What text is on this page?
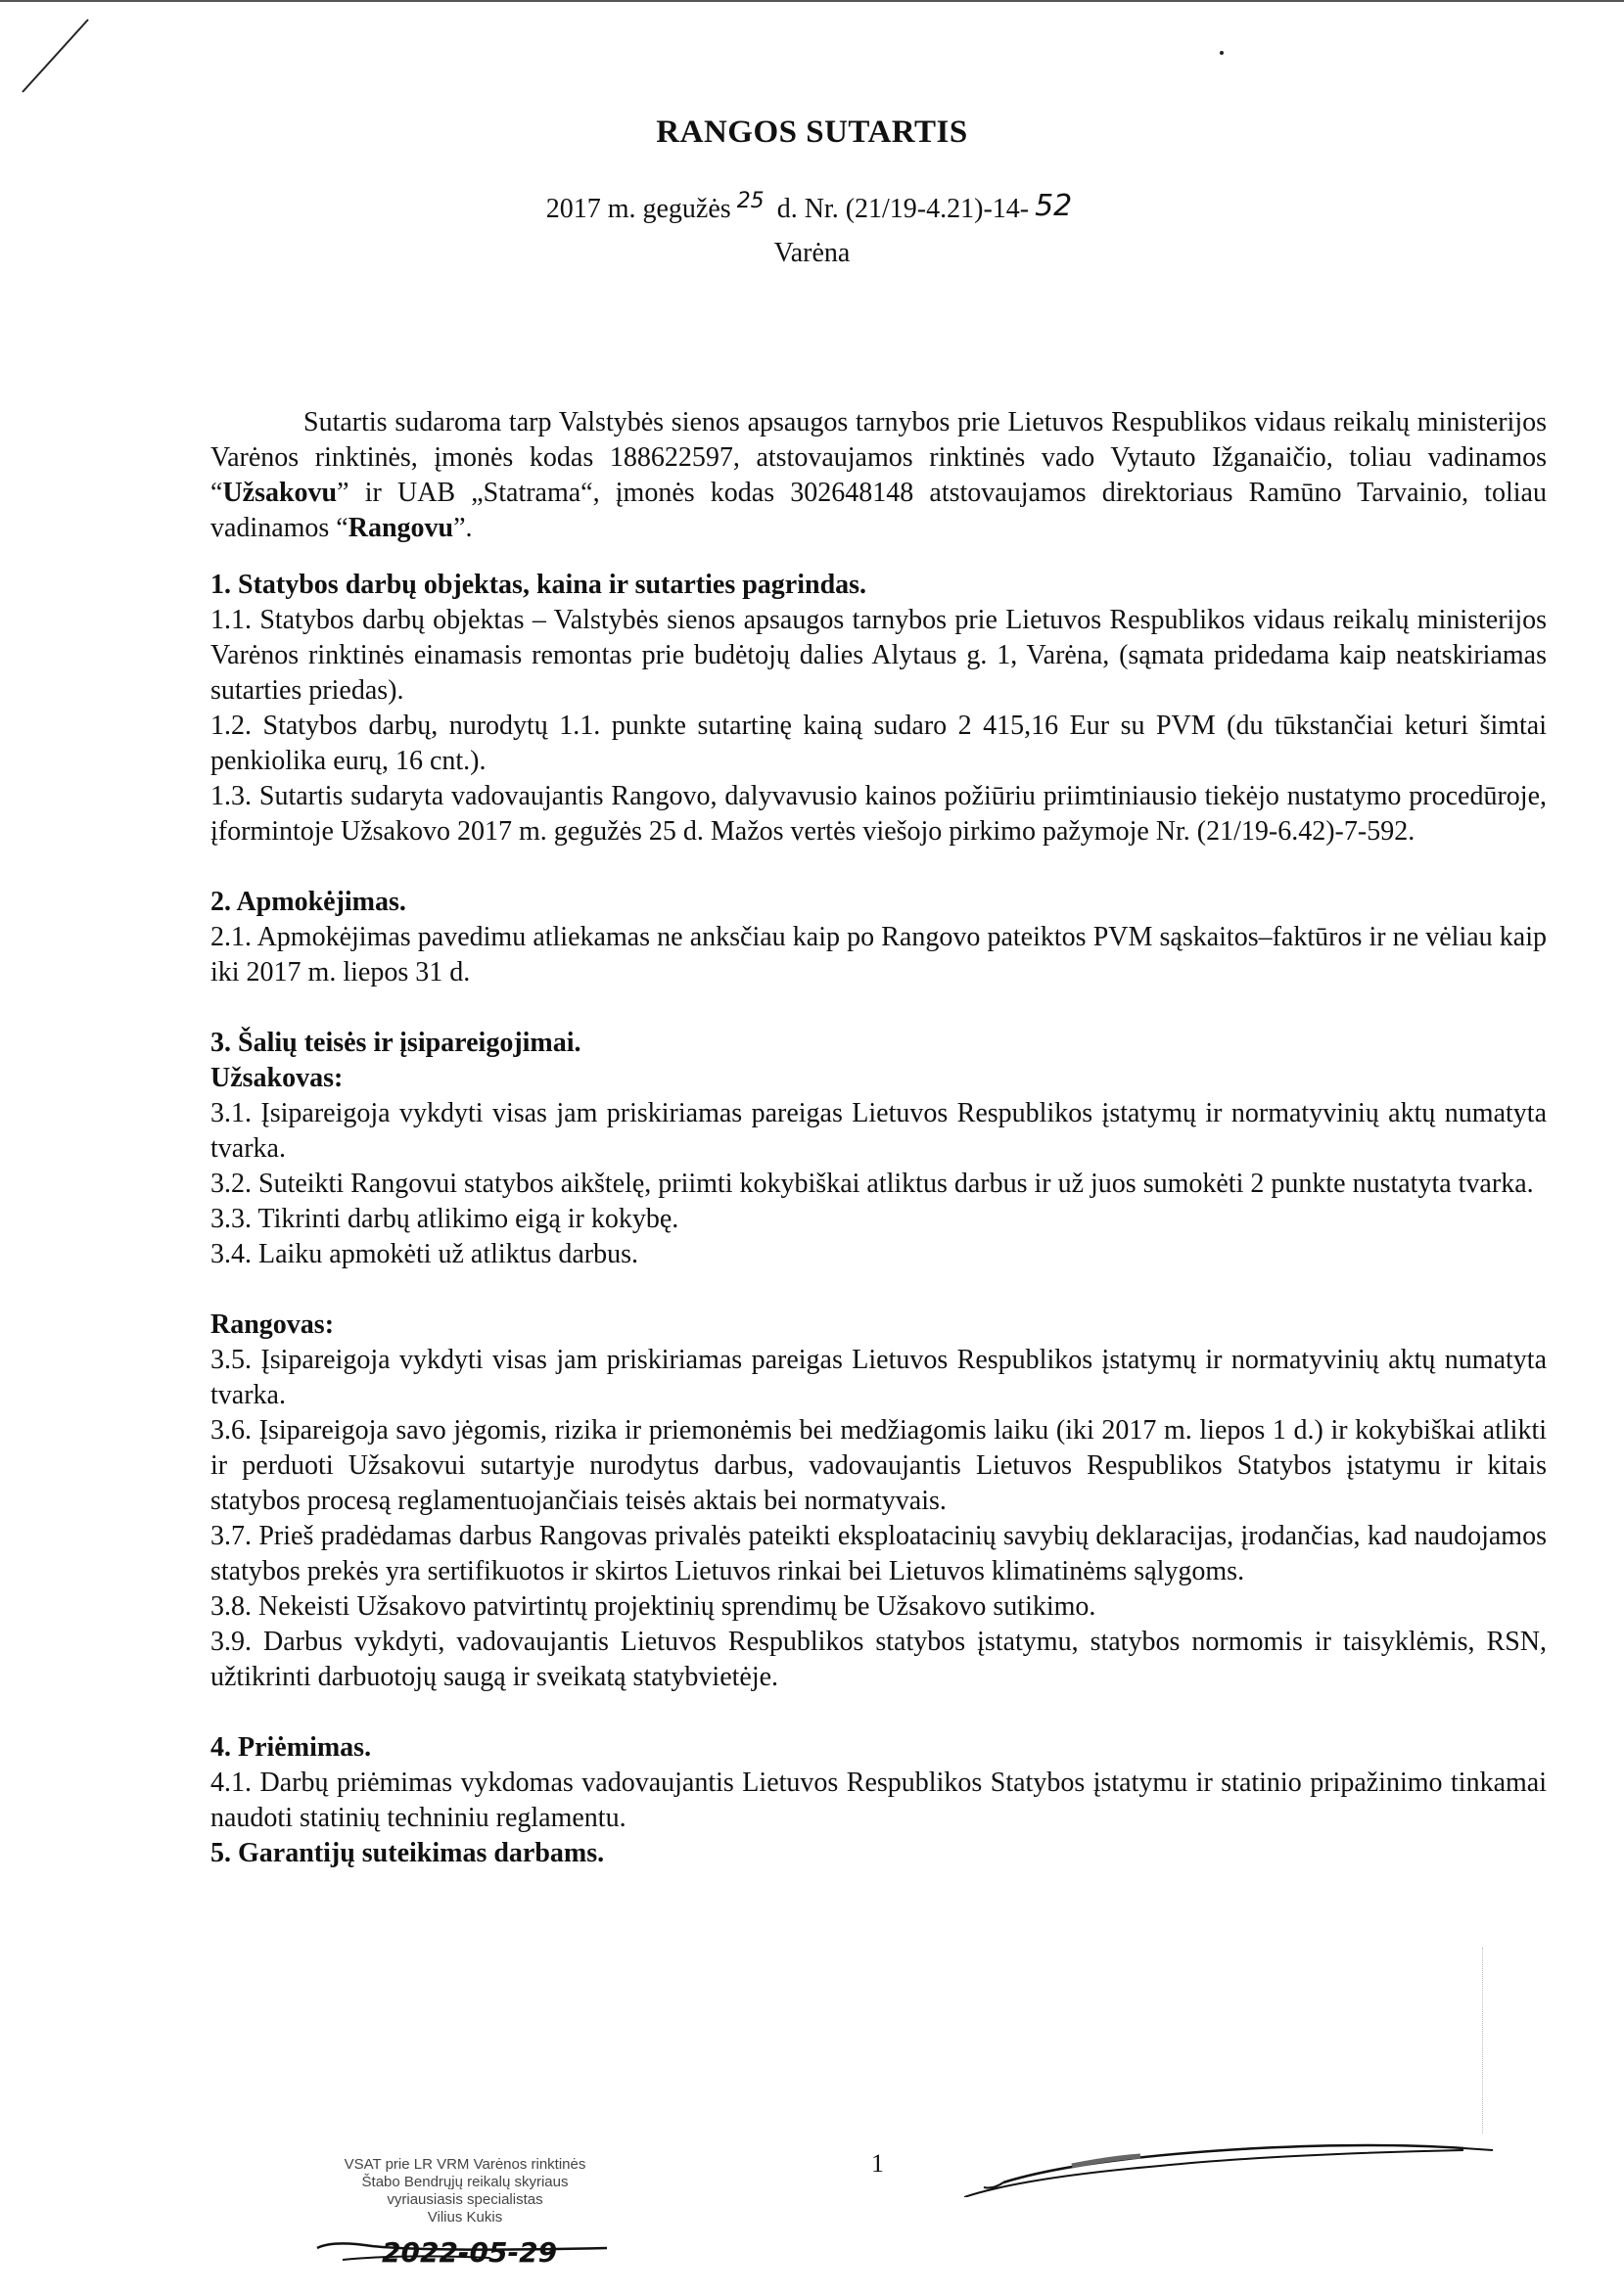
RANGOS SUTARTIS
2017 m. gegužės $^{25}$ d. Nr. (21/19-4.21)-14- 52
Varėna

Sutartis sudaroma tarp Valstybės sienos apsaugos tarnybos prie Lietuvos Respublikos vidaus reikalų ministerijos Varėnos rinktinės, įmonės kodas 188622597, atstovaujamos rinktinės vado Vytauto Ižganaičio, toliau vadinamos “Užsakovu” ir UAB „Statrama“, įmonės kodas 302648148 atstovaujamos direktoriaus Ramūno Tarvainio, toliau vadinamos “Rangovu”.

1. Statybos darbų objektas, kaina ir sutarties pagrindas.

1.1. Statybos darbų objektas – Valstybės sienos apsaugos tarnybos prie Lietuvos Respublikos vidaus reikalų ministerijos Varėnos rinktinės einamasis remontas prie budėtojų dalies Alytaus g. 1, Varėna, (sąmata pridedama kaip neatskiriamas sutarties priedas).

1.2. Statybos darbų, nurodytų 1.1. punkte sutartinę kainą sudaro 2 415,16 Eur su PVM (du tūkstančiai keturi šimtai penkiolika eurų, 16 cnt.).

1.3. Sutartis sudaryta vadovaujantis Rangovo, dalyvavusio kainos požiūriu priimtiniausio tiekėjo nustatymo procedūroje, įformintoje Užsakovo 2017 m. gegužės 25 d. Mažos vertės viešojo pirkimo pažymoje Nr. (21/19-6.42)-7-592.

2. Apmokėjimas.

2.1. Apmokėjimas pavedimu atliekamas ne anksčiau kaip po Rangovo pateiktos PVM sąskaitos–faktūros ir ne vėliau kaip iki 2017 m. liepos 31 d.

3. Šalių teisės ir įsipareigojimai.

Užsakovas:

3.1. Įsipareigoja vykdyti visas jam priskiriamas pareigas Lietuvos Respublikos įstatymų ir normatyvinių aktų numatyta tvarka.

3.2. Suteikti Rangovui statybos aikštelę, priimti kokybiškai atliktus darbus ir už juos sumokėti 2 punkte nustatyta tvarka.

3.3. Tikrinti darbų atlikimo eigą ir kokybę.

3.4. Laiku apmokėti už atliktus darbus.

Rangovas:

3.5. Įsipareigoja vykdyti visas jam priskiriamas pareigas Lietuvos Respublikos įstatymų ir normatyvinių aktų numatyta tvarka.

3.6. Įsipareigoja savo jėgomis, rizika ir priemonėmis bei medžiagomis laiku (iki 2017 m. liepos 1 d.) ir kokybiškai atlikti ir perduoti Užsakovui sutartyje nurodytus darbus, vadovaujantis Lietuvos Respublikos Statybos įstatymu ir kitais statybos procesą reglamentuojančiais teisės aktais bei normatyvais.

3.7. Prieš pradėdamas darbus Rangovas privalės pateikti eksploatacinių savybių deklaracijas, įrodančias, kad naudojamos statybos prekės yra sertifikuotos ir skirtos Lietuvos rinkai bei Lietuvos klimatinėms sąlygoms.

3.8. Nekeisti Užsakovo patvirtintų projektinių sprendimų be Užsakovo sutikimo.

3.9. Darbus vykdyti, vadovaujantis Lietuvos Respublikos statybos įstatymu, statybos normomis ir taisyklėmis, RSN, užtikrinti darbuotojų saugą ir sveikatą statybvietėje.

4. Priėmimas.

4.1. Darbų priėmimas vykdomas vadovaujantis Lietuvos Respublikos Statybos įstatymu ir statinio pripažinimo tinkamai naudoti statinių techniniu reglamentu.

5. Garantijų suteikimas darbams.

VSAT prie LR VRM Varėnos rinktinės
Štabo Bendrųjų reikalų skyriaus
vyriausiasis specialistas
Vilius Kukis
2022-05-29
1
